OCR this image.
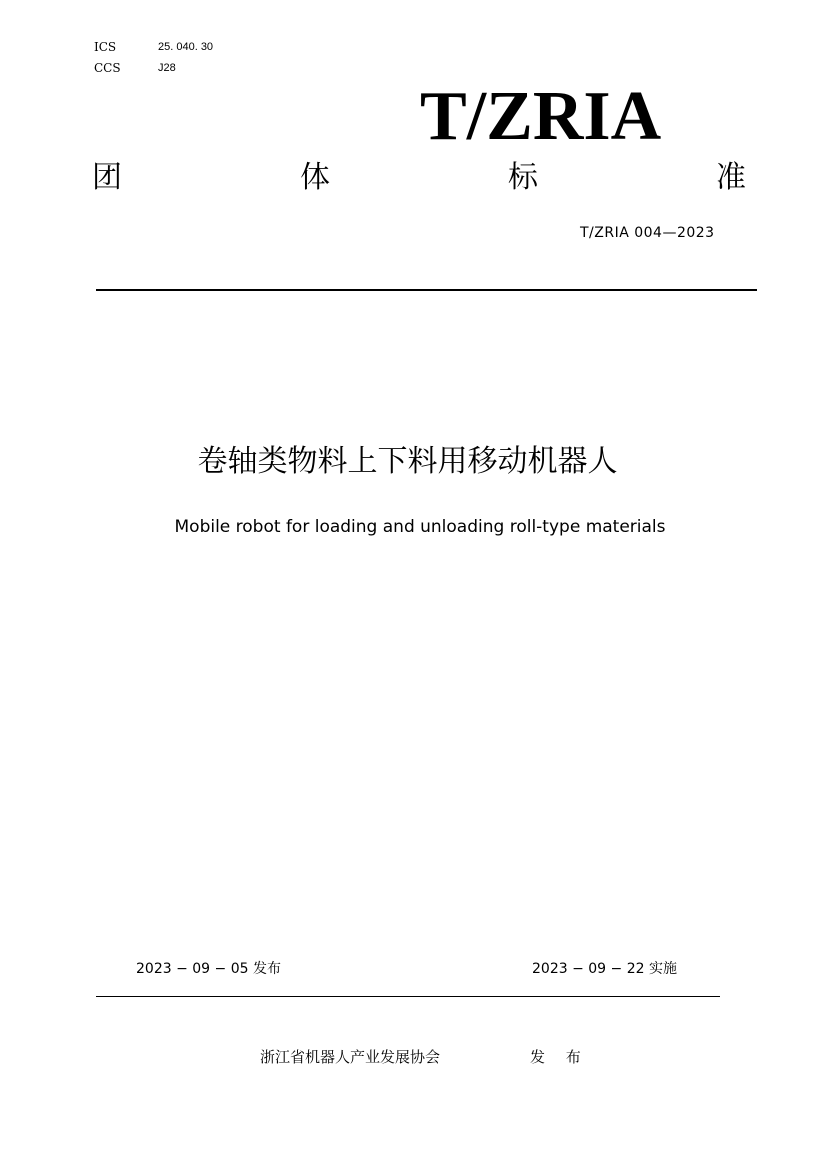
ICS	25. 040. 30
CCS	J28
T/ZRIA
团	体	标	准
T/ZRIA 004—2023
卷轴类物料上下料用移动机器人
Mobile robot for loading and unloading roll-type materials
2023 − 09 − 05 发布	2023 − 09 − 22 实施
浙江省机器人产业发展协会	发 布
